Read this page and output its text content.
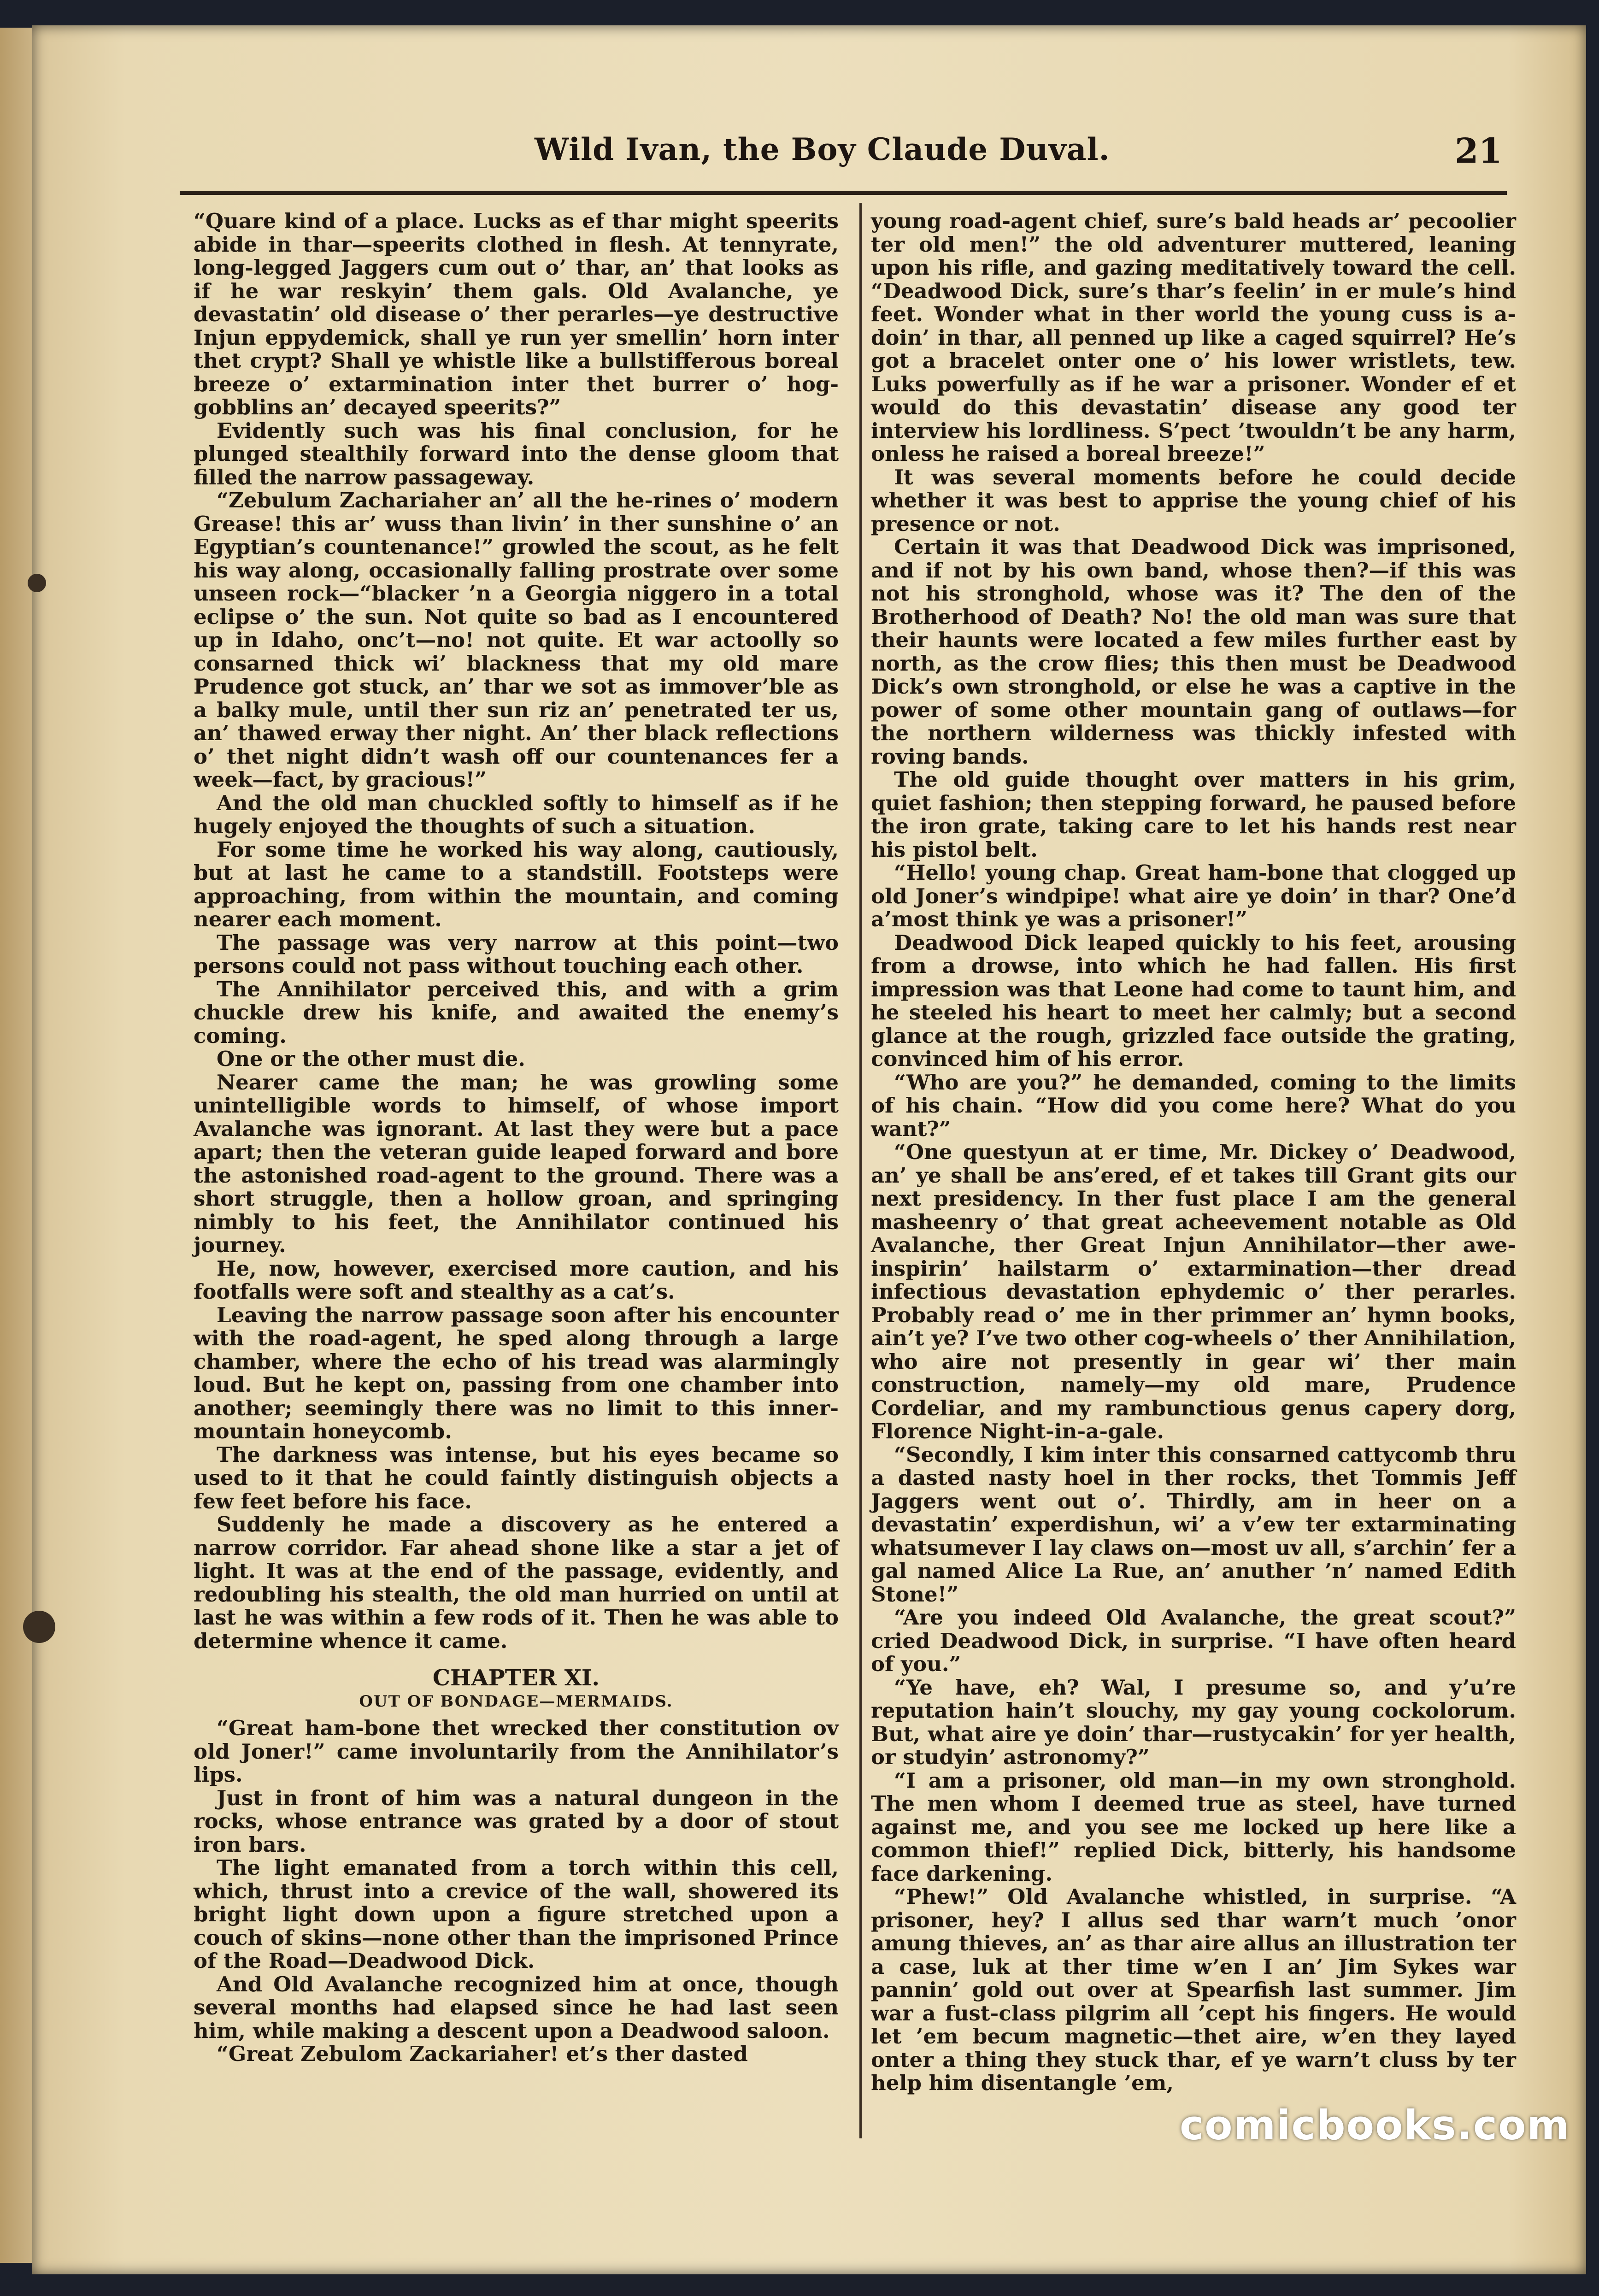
Wild Ivan, the Boy Claude Duval.	21

“Quare kind of a place. Lucks as ef thar might speerits abide in thar—speerits clothed in flesh. At tennyrate, long-legged Jaggers cum out o’ thar, an’ that looks as if he war reskyin’ them gals. Old Avalanche, ye devastatin’ old disease o’ ther perarles—ye destructive Injun eppydemick, shall ye run yer smellin’ horn inter thet crypt? Shall ye whistle like a bullstifferous boreal breeze o’ extarmination inter thet burrer o’ hog-gobblins an’ decayed speerits?”

Evidently such was his final conclusion, for he plunged stealthily forward into the dense gloom that filled the narrow passageway.

“Zebulum Zachariaher an’ all the he-rines o’ modern Grease! this ar’ wuss than livin’ in ther sunshine o’ an Egyptian’s countenance!” growled the scout, as he felt his way along, occasionally falling prostrate over some unseen rock—“blacker ’n a Georgia niggero in a total eclipse o’ the sun. Not quite so bad as I encountered up in Idaho, onc’t—no! not quite. Et war actoolly so consarned thick wi’ blackness that my old mare Prudence got stuck, an’ thar we sot as immover’ble as a balky mule, until ther sun riz an’ penetrated ter us, an’ thawed erway ther night. An’ ther black reflections o’ thet night didn’t wash off our countenances fer a week—fact, by gracious!”

And the old man chuckled softly to himself as if he hugely enjoyed the thoughts of such a situation.

For some time he worked his way along, cautiously, but at last he came to a standstill. Footsteps were approaching, from within the mountain, and coming nearer each moment.

The passage was very narrow at this point—two persons could not pass without touching each other.

The Annihilator perceived this, and with a grim chuckle drew his knife, and awaited the enemy’s coming.

One or the other must die.

Nearer came the man; he was growling some unintelligible words to himself, of whose import Avalanche was ignorant. At last they were but a pace apart; then the veteran guide leaped forward and bore the astonished road-agent to the ground. There was a short struggle, then a hollow groan, and springing nimbly to his feet, the Annihilator continued his journey.

He, now, however, exercised more caution, and his footfalls were soft and stealthy as a cat’s.

Leaving the narrow passage soon after his encounter with the road-agent, he sped along through a large chamber, where the echo of his tread was alarmingly loud. But he kept on, passing from one chamber into another; seemingly there was no limit to this inner-mountain honeycomb.

The darkness was intense, but his eyes became so used to it that he could faintly distinguish objects a few feet before his face.

Suddenly he made a discovery as he entered a narrow corridor. Far ahead shone like a star a jet of light. It was at the end of the passage, evidently, and redoubling his stealth, the old man hurried on until at last he was within a few rods of it. Then he was able to determine whence it came.

CHAPTER XI.
OUT OF BONDAGE—MERMAIDS.

“Great ham-bone thet wrecked ther constitution ov old Joner!” came involuntarily from the Annihilator’s lips.

Just in front of him was a natural dungeon in the rocks, whose entrance was grated by a door of stout iron bars.

The light emanated from a torch within this cell, which, thrust into a crevice of the wall, showered its bright light down upon a figure stretched upon a couch of skins—none other than the imprisoned Prince of the Road—Deadwood Dick.

And Old Avalanche recognized him at once, though several months had elapsed since he had last seen him, while making a descent upon a Deadwood saloon.

“Great Zebulom Zackariaher! et’s ther dasted

young road-agent chief, sure’s bald heads ar’ pecoolier ter old men!” the old adventurer muttered, leaning upon his rifle, and gazing meditatively toward the cell. “Deadwood Dick, sure’s thar’s feelin’ in er mule’s hind feet. Wonder what in ther world the young cuss is a-doin’ in thar, all penned up like a caged squirrel? He’s got a bracelet onter one o’ his lower wristlets, tew. Luks powerfully as if he war a prisoner. Wonder ef et would do this devastatin’ disease any good ter interview his lordliness. S’pect ’twouldn’t be any harm, onless he raised a boreal breeze!”

It was several moments before he could decide whether it was best to apprise the young chief of his presence or not.

Certain it was that Deadwood Dick was imprisoned, and if not by his own band, whose then?—if this was not his stronghold, whose was it? The den of the Brotherhood of Death? No! the old man was sure that their haunts were located a few miles further east by north, as the crow flies; this then must be Deadwood Dick’s own stronghold, or else he was a captive in the power of some other mountain gang of outlaws—for the northern wilderness was thickly infested with roving bands.

The old guide thought over matters in his grim, quiet fashion; then stepping forward, he paused before the iron grate, taking care to let his hands rest near his pistol belt.

“Hello! young chap. Great ham-bone that clogged up old Joner’s windpipe! what aire ye doin’ in thar? One’d a’most think ye was a prisoner!”

Deadwood Dick leaped quickly to his feet, arousing from a drowse, into which he had fallen. His first impression was that Leone had come to taunt him, and he steeled his heart to meet her calmly; but a second glance at the rough, grizzled face outside the grating, convinced him of his error.

“Who are you?” he demanded, coming to the limits of his chain. “How did you come here? What do you want?”

“One questyun at er time, Mr. Dickey o’ Deadwood, an’ ye shall be ans’ered, ef et takes till Grant gits our next presidency. In ther fust place I am the general masheenry o’ that great acheevement notable as Old Avalanche, ther Great Injun Annihilator—ther awe-inspirin’ hailstarm o’ extarmination—ther dread infectious devastation ephydemic o’ ther perarles. Probably read o’ me in ther primmer an’ hymn books, ain’t ye? I’ve two other cog-wheels o’ ther Annihilation, who aire not presently in gear wi’ ther main construction, namely—my old mare, Prudence Cordeliar, and my rambunctious genus capery dorg, Florence Night-in-a-gale.

“Secondly, I kim inter this consarned cattycomb thru a dasted nasty hoel in ther rocks, thet Tommis Jeff Jaggers went out o’. Thirdly, am in heer on a devastatin’ experdishun, wi’ a v’ew ter extarminating whatsumever I lay claws on—most uv all, s’archin’ fer a gal named Alice La Rue, an’ anuther ’n’ named Edith Stone!”

“Are you indeed Old Avalanche, the great scout?” cried Deadwood Dick, in surprise. “I have often heard of you.”

“Ye have, eh? Wal, I presume so, and y’u’re reputation hain’t slouchy, my gay young cockolorum. But, what aire ye doin’ thar—rustycakin’ for yer health, or studyin’ astronomy?”

“I am a prisoner, old man—in my own stronghold. The men whom I deemed true as steel, have turned against me, and you see me locked up here like a common thief!” replied Dick, bitterly, his handsome face darkening.

“Phew!” Old Avalanche whistled, in surprise. “A prisoner, hey? I allus sed thar warn’t much ’onor amung thieves, an’ as thar aire allus an illustration ter a case, luk at ther time w’en I an’ Jim Sykes war pannin’ gold out over at Spearfish last summer. Jim war a fust-class pilgrim all ’cept his fingers. He would let ’em becum magnetic—thet aire, w’en they layed onter a thing they stuck thar, ef ye warn’t cluss by ter help him disentangle ’em,

comicbooks.com
